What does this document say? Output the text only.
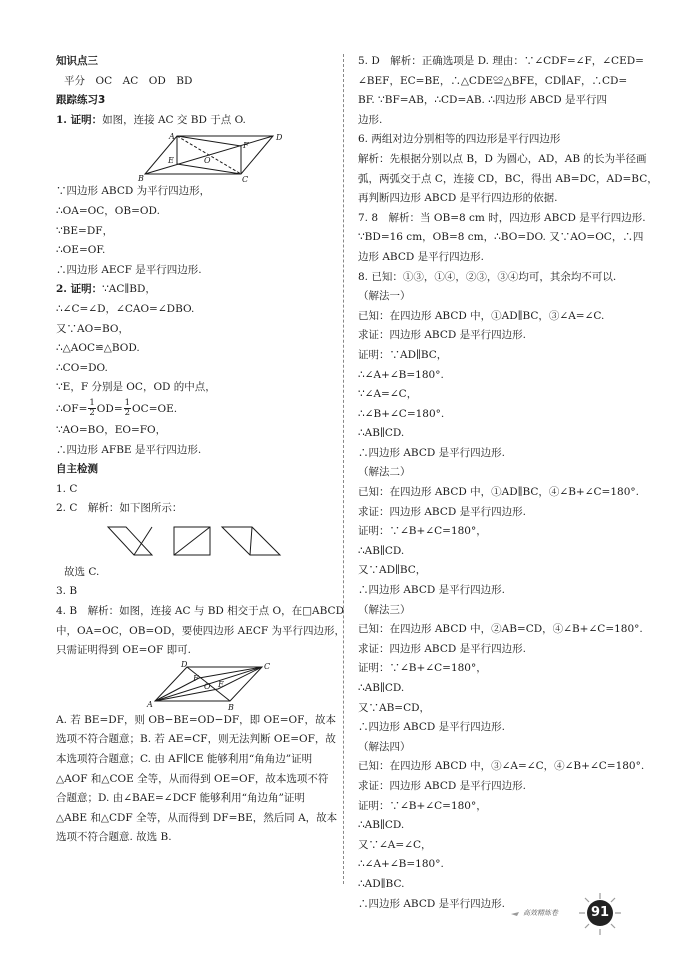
知识点三
平分　OC　AC　OD　BD
跟踪练习3
1. 证明：如图，连接 AC 交 BD 于点 O.
A	D
B	C
E
F
O
∵四边形 ABCD 为平行四边形，
∴OA=OC，OB=OD.
∵BE=DF，
∴OE=OF.
∴四边形 AECF 是平行四边形.
2. 证明：∵AC∥BD，
∴∠C=∠D，∠CAO=∠DBO.
又∵AO=BO，
∴△AOC≌△BOD.
∴CO=DO.
∵E，F 分别是 OC，OD 的中点，
∴OF= $\frac{1}{2} OD= \frac{1}{2} OC=OE$.
∵AO=BO，EO=FO，
∴四边形 AFBE 是平行四边形.
自主检测
1. C
2. C　解析：如下图所示：
故选 C.
3. B
4. B　解析：如图，连接 AC 与 BD 相交于点 O，在□ABCD
中，OA=OC，OB=OD，要使四边形 AECF 为平行四边形，
只需证明得到 OE=OF 即可.
A	B
C
D
F
E
O
A. 若 BE=DF，则 OB−BE=OD−DF，即 OE=OF，故本
选项不符合题意；B. 若 AE=CF，则无法判断 OE=OF，故
本选项符合题意；C. 由 AF∥CE 能够利用“角角边”证明
△AOF 和△COE 全等，从而得到 OE=OF，故本选项不符
合题意；D. 由∠BAE=∠DCF 能够利用“角边角”证明
△ABE 和△CDF 全等，从而得到 DF=BE，然后同 A，故本
选项不符合题意. 故选 B.
5. D　解析：正确选项是 D. 理由：∵∠CDF=∠F，∠CED=
∠BEF，EC=BE，∴△CDE≌△BFE，CD∥AF，∴CD=
BF. ∵BF=AB，∴CD=AB. ∴四边形 ABCD 是平行四
边形.
6. 两组对边分别相等的四边形是平行四边形
解析：先根据分别以点 B，D 为圆心，AD，AB 的长为半径画
弧，两弧交于点 C，连接 CD，BC，得出 AB=DC，AD=BC，
再判断四边形 ABCD 是平行四边形的依据.
7. 8　解析：当 OB=8 cm 时，四边形 ABCD 是平行四边形.
∵BD=16 cm，OB=8 cm，∴BO=DO. 又∵AO=OC，∴四
边形 ABCD 是平行四边形.
8. 已知：①③，①④，②③，③④均可，其余均不可以.
（解法一）
已知：在四边形 ABCD 中，①AD∥BC，③∠A=∠C.
求证：四边形 ABCD 是平行四边形.
证明：∵AD∥BC，
∴∠A+∠B=180°.
∵∠A=∠C，
∴∠B+∠C=180°.
∴AB∥CD.
∴四边形 ABCD 是平行四边形.
（解法二）
已知：在四边形 ABCD 中，①AD∥BC，④∠B+∠C=180°.
求证：四边形 ABCD 是平行四边形.
证明：∵∠B+∠C=180°，
∴AB∥CD.
又∵AD∥BC，
∴四边形 ABCD 是平行四边形.
（解法三）
已知：在四边形 ABCD 中，②AB=CD，④∠B+∠C=180°.
求证：四边形 ABCD 是平行四边形.
证明：∵∠B+∠C=180°，
∴AB∥CD.
又∵AB=CD，
∴四边形 ABCD 是平行四边形.
（解法四）
已知：在四边形 ABCD 中，③∠A=∠C，④∠B+∠C=180°.
求证：四边形 ABCD 是平行四边形.
证明：∵∠B+∠C=180°，
∴AB∥CD.
又∵∠A=∠C，
∴∠A+∠B=180°.
∴AD∥BC.
∴四边形 ABCD 是平行四边形.
高效精炼卷	91
